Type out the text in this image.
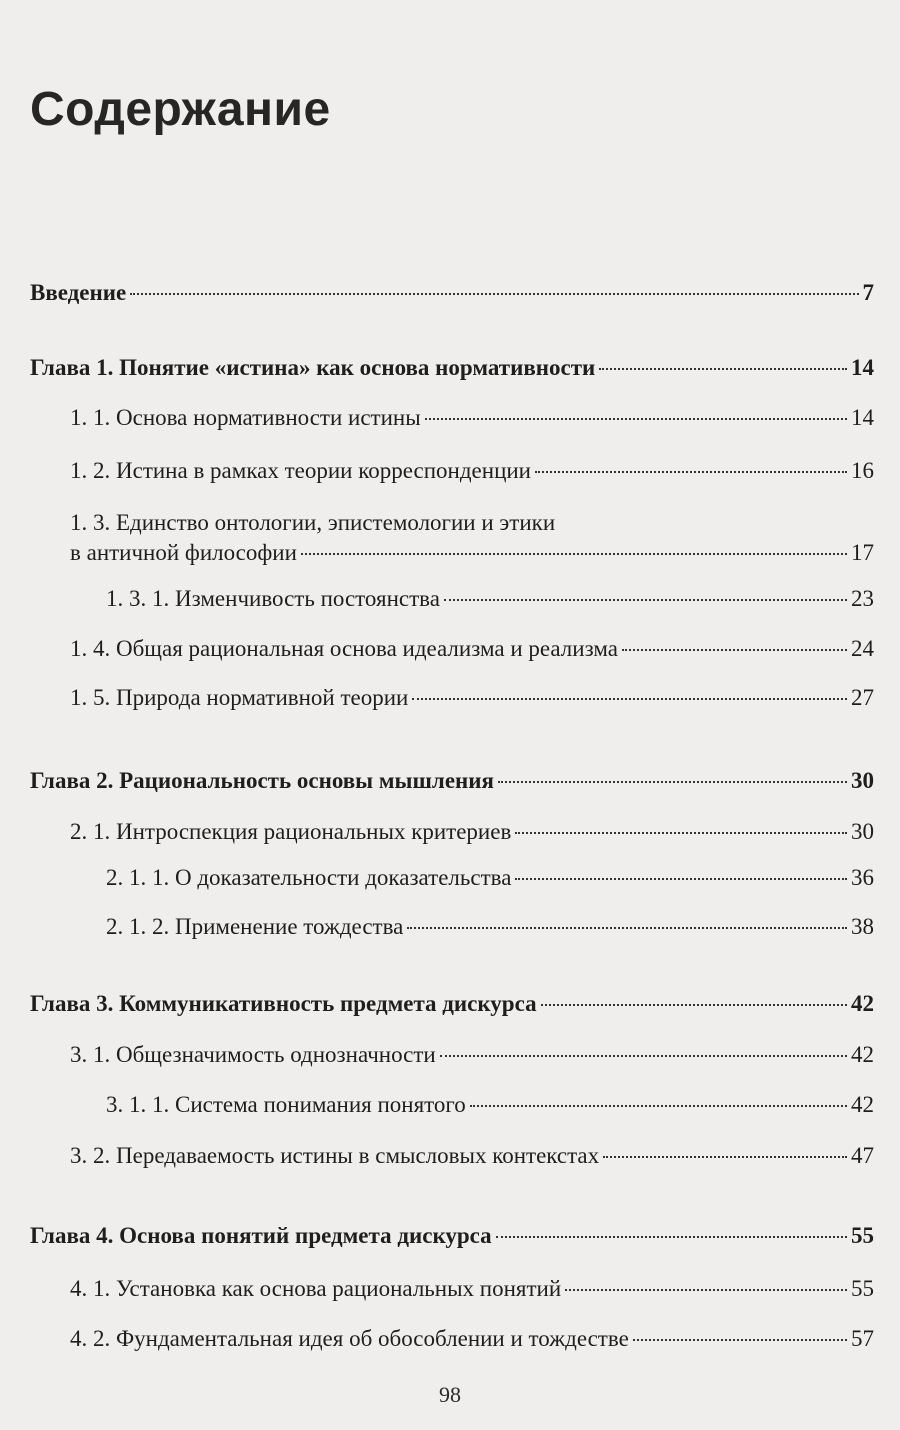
Содержание
Введение	7
Глава 1. Понятие «истина» как основа нормативности	14
1. 1. Основа нормативности истины	14
1. 2. Истина в рамках теории корреспонденции	16
1. 3. Единство онтологии, эпистемологии и этики
в античной философии	17
1. 3. 1. Изменчивость постоянства	23
1. 4. Общая рациональная основа идеализма и реализма	24
1. 5. Природа нормативной теории	27
Глава 2. Рациональность основы мышления	30
2. 1. Интроспекция рациональных критериев	30
2. 1. 1. О доказательности доказательства	36
2. 1. 2. Применение тождества	38
Глава 3. Коммуникативность предмета дискурса	42
3. 1. Общезначимость однозначности	42
3. 1. 1. Система понимания понятого	42
3. 2. Передаваемость истины в смысловых контекстах	47
Глава 4. Основа понятий предмета дискурса	55
4. 1. Установка как основа рациональных понятий	55
4. 2. Фундаментальная идея об обособлении и тождестве	57
98
